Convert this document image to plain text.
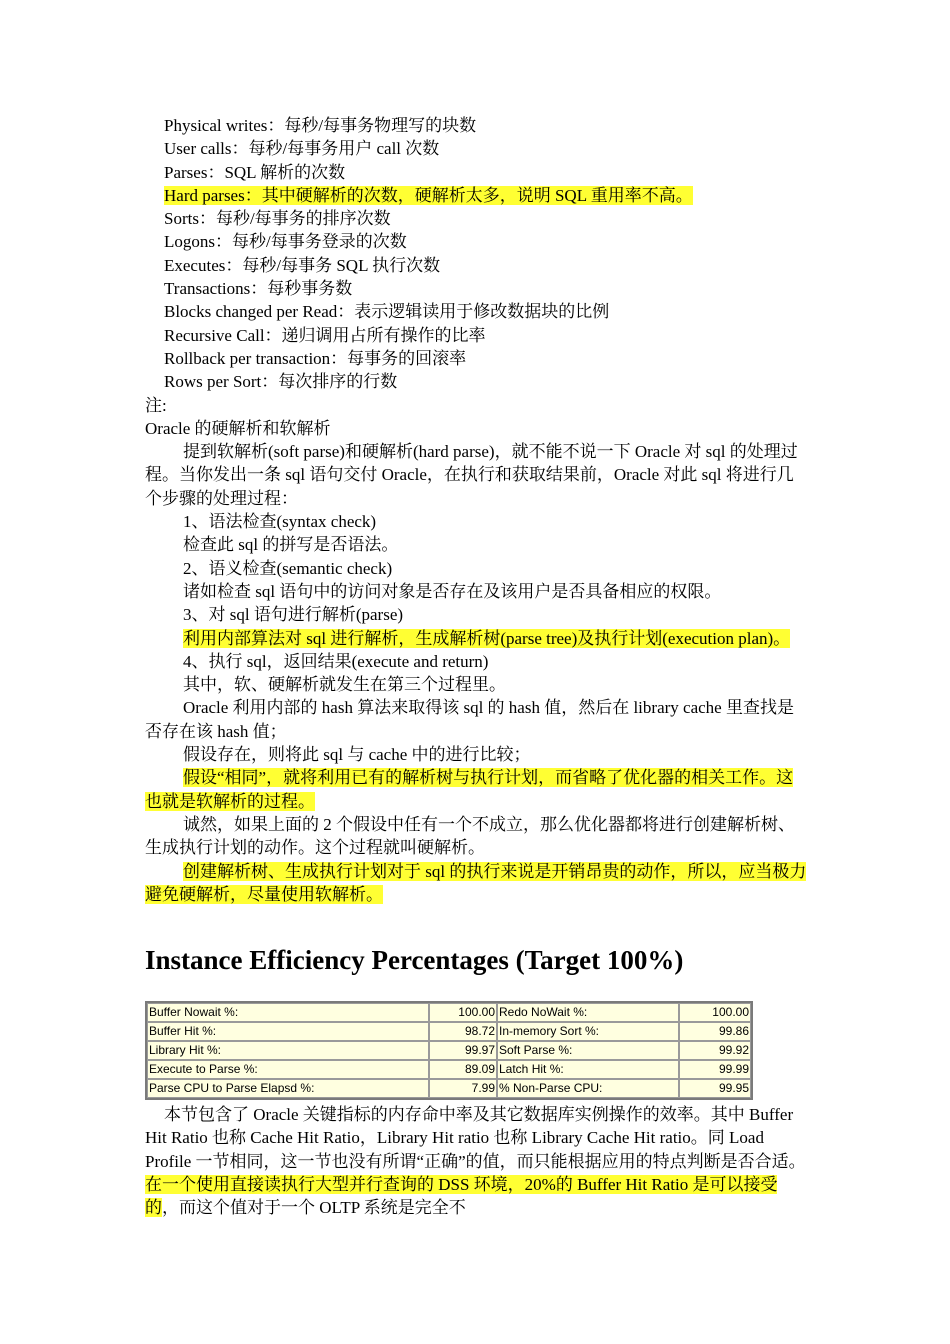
Physical writes：每秒/每事务物理写的块数

User calls：每秒/每事务用户 call 次数

Parses：SQL 解析的次数

Hard parses：其中硬解析的次数，硬解析太多，说明 SQL 重用率不高。

Sorts：每秒/每事务的排序次数

Logons：每秒/每事务登录的次数

Executes：每秒/每事务 SQL 执行次数

Transactions：每秒事务数

Blocks changed per Read：表示逻辑读用于修改数据块的比例

Recursive Call：递归调用占所有操作的比率

Rollback per transaction：每事务的回滚率

Rows per Sort：每次排序的行数

注:

Oracle 的硬解析和软解析

提到软解析(soft parse)和硬解析(hard parse)，就不能不说一下 Oracle 对 sql 的处理过程。当你发出一条 sql 语句交付 Oracle，在执行和获取结果前，Oracle 对此 sql 将进行几个步骤的处理过程：

1、语法检查(syntax check)

检查此 sql 的拼写是否语法。

2、语义检查(semantic check)

诸如检查 sql 语句中的访问对象是否存在及该用户是否具备相应的权限。

3、对 sql 语句进行解析(parse)

利用内部算法对 sql 进行解析，生成解析树(parse tree)及执行计划(execution plan)。

4、执行 sql，返回结果(execute and return)

其中，软、硬解析就发生在第三个过程里。

Oracle 利用内部的 hash 算法来取得该 sql 的 hash 值，然后在 library cache 里查找是否存在该 hash 值；

假设存在，则将此 sql 与 cache 中的进行比较；

假设“相同”，就将利用已有的解析树与执行计划，而省略了优化器的相关工作。这也就是软解析的过程。

诚然，如果上面的 2 个假设中任有一个不成立，那么优化器都将进行创建解析树、生成执行计划的动作。这个过程就叫硬解析。

创建解析树、生成执行计划对于 sql 的执行来说是开销昂贵的动作，所以，应当极力避免硬解析，尽量使用软解析。

Instance Efficiency Percentages (Target 100%)
Buffer Nowait %:	100.00	Redo NoWait %:	100.00
Buffer Hit %:	98.72	In-memory Sort %:	99.86
Library Hit %:	99.97	Soft Parse %:	99.92
Execute to Parse %:	89.09	Latch Hit %:	99.99
Parse CPU to Parse Elapsd %:	7.99	% Non-Parse CPU:	99.95

本节包含了 Oracle 关键指标的内存命中率及其它数据库实例操作的效率。其中 Buffer Hit Ratio 也称 Cache Hit Ratio，Library Hit ratio 也称 Library Cache Hit ratio。同 Load Profile 一节相同，这一节也没有所谓“正确”的值，而只能根据应用的特点判断是否合适。在一个使用直接读执行大型并行查询的 DSS 环境，20%的 Buffer Hit Ratio 是可以接受的，而这个值对于一个 OLTP 系统是完全不
